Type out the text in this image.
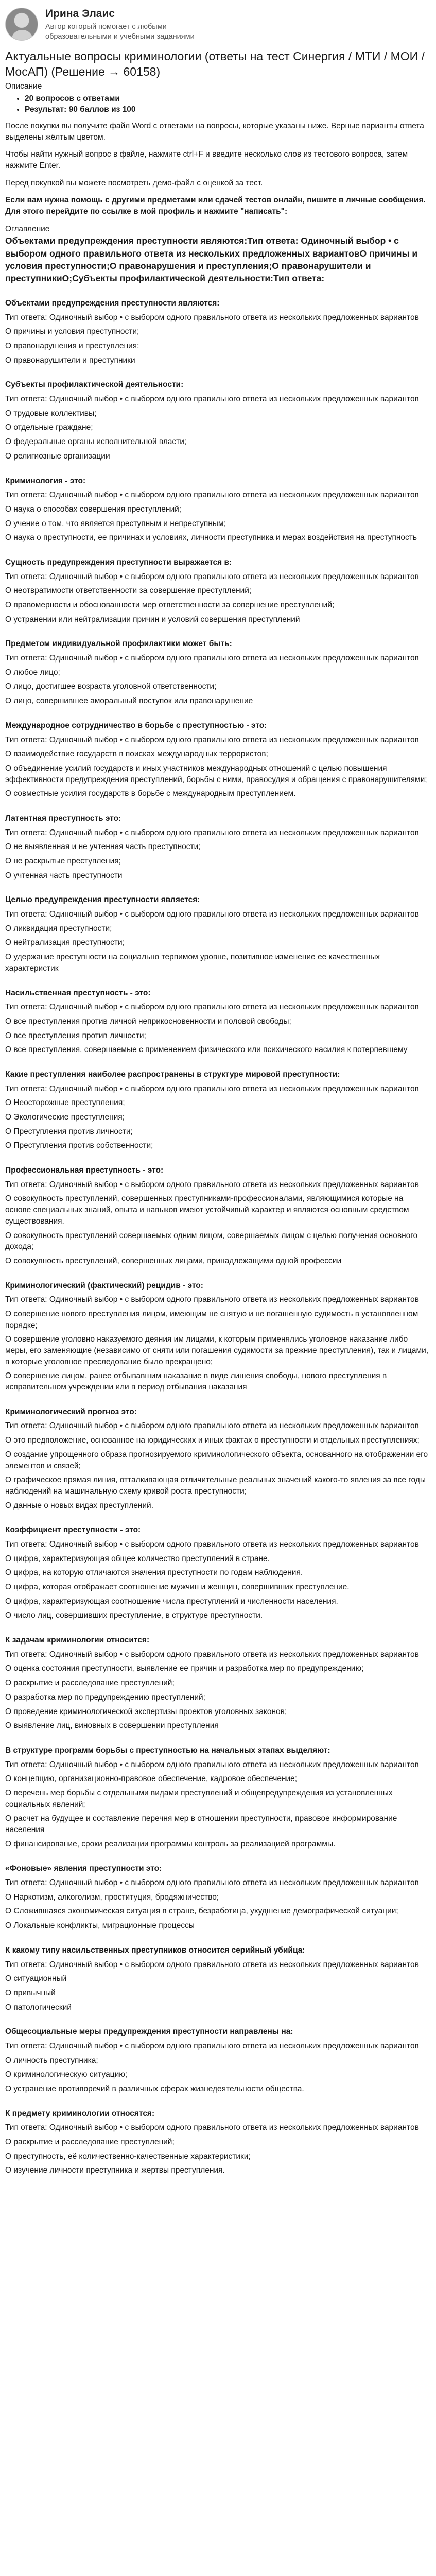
Ирина Элаис
Автор который помогает с любыми образовательными и учебными заданиями
Актуальные вопросы криминологии (ответы на тест Синергия / МТИ / МОИ / МосАП) (Решение → 60158)

Описание

• 20 вопросов с ответами
• Результат: 90 баллов из 100

После покупки вы получите файл Word с ответами на вопросы, которые указаны ниже. Верные варианты ответа выделены жёлтым цветом.

Чтобы найти нужный вопрос в файле, нажмите ctrl+F и введите несколько слов из тестового вопроса, затем нажмите Enter.

Перед покупкой вы можете посмотреть демо-файл с оценкой за тест.

Если вам нужна помощь с другими предметами или сдачей тестов онлайн, пишите в личные сообщения. Для этого перейдите по ссылке в мой профиль и нажмите "написать":

Оглавление

Объектами предупреждения преступности являются:Тип ответа: Одиночный выбор • с выбором одного правильного ответа из нескольких предложенных вариантовО причины и условия преступности;О правонарушения и преступления;О правонарушители и преступникиО;Субъекты профилактической деятельности:Тип ответа:

Объектами предупреждения преступности являются:

Тип ответа: Одиночный выбор • с выбором одного правильного ответа из нескольких предложенных вариантов

О причины и условия преступности;

О правонарушения и преступления;

О правонарушители и преступники

Субъекты профилактической деятельности:

Тип ответа: Одиночный выбор • с выбором одного правильного ответа из нескольких предложенных вариантов

О трудовые коллективы;

О отдельные граждане;

О федеральные органы исполнительной власти;

О религиозные организации

Криминология - это:

Тип ответа: Одиночный выбор • с выбором одного правильного ответа из нескольких предложенных вариантов

О наука о способах совершения преступлений;

О учение о том, что является преступным и непреступным;

О наука о преступности, ее причинах и условиях, личности преступника и мерах воздействия на преступность

Сущность предупреждения преступности выражается в:

Тип ответа: Одиночный выбор • с выбором одного правильного ответа из нескольких предложенных вариантов

О неотвратимости ответственности за совершение преступлений;

О правомерности и обоснованности мер ответственности за совершение преступлений;

О устранении или нейтрализации причин и условий совершения преступлений

Предметом индивидуальной профилактики может быть:

Тип ответа: Одиночный выбор • с выбором одного правильного ответа из нескольких предложенных вариантов

О любое лицо;

О лицо, достигшее возраста уголовной ответственности;

О лицо, совершившее аморальный поступок или правонарушение

Международное сотрудничество в борьбе с преступностью - это:

Тип ответа: Одиночный выбор • с выбором одного правильного ответа из нескольких предложенных вариантов

О взаимодействие государств в поисках международных террористов;

О объединение усилий государств и иных участников международных отношений с целью повышения эффективности предупреждения преступлений, борьбы с ними, правосудия и обращения с правонарушителями;

О совместные усилия государств в борьбе с международным преступлением.

Латентная преступность это:

Тип ответа: Одиночный выбор • с выбором одного правильного ответа из нескольких предложенных вариантов

О не выявленная и не учтенная часть преступности;

О не раскрытые преступления;

О учтенная часть преступности

Целью предупреждения преступности является:

Тип ответа: Одиночный выбор • с выбором одного правильного ответа из нескольких предложенных вариантов

О ликвидация преступности;

О нейтрализация преступности;

О удержание преступности на социально терпимом уровне, позитивное изменение ее качественных характеристик

Насильственная преступность - это:

Тип ответа: Одиночный выбор • с выбором одного правильного ответа из нескольких предложенных вариантов

О все преступления против личной неприкосновенности и половой свободы;

О все преступления против личности;

О все преступления, совершаемые с применением физического или психического насилия к потерпевшему

Какие преступления наиболее распространены в структуре мировой преступности:

Тип ответа: Одиночный выбор • с выбором одного правильного ответа из нескольких предложенных вариантов

О Неосторожные преступления;

О Экологические преступления;

О Преступления против личности;

О Преступления против собственности;

Профессиональная преступность - это:

Тип ответа: Одиночный выбор • с выбором одного правильного ответа из нескольких предложенных вариантов

О совокупность преступлений, совершенных преступниками-профессионалами, являющимися которые на основе специальных знаний, опыта и навыков имеют устойчивый характер и являются основным средством существования.

О совокупность преступлений совершаемых одним лицом, совершаемых лицом с целью получения основного дохода;

О совокупность преступлений, совершенных лицами, принадлежащими одной профессии

Криминологический (фактический) рецидив - это:

Тип ответа: Одиночный выбор • с выбором одного правильного ответа из нескольких предложенных вариантов

О совершение нового преступления лицом, имеющим не снятую и не погашенную судимость в установленном порядке;

О совершение уголовно наказуемого деяния им лицами, к которым применялись уголовное наказание либо меры, его заменяющие (независимо от сняти или погашения судимости за прежние преступления), так и лицами, в которые уголовное преследование было прекращено;

О совершение лицом, ранее отбывавшим наказание в виде лишения свободы, нового преступления в исправительном учреждении или в период отбывания наказания

Криминологический прогноз это:

Тип ответа: Одиночный выбор • с выбором одного правильного ответа из нескольких предложенных вариантов

О это предположение, основанное на юридических и иных фактах о преступности и отдельных преступлениях;

О создание упрощенного образа прогнозируемого криминологического объекта, основанного на отображении его элементов и связей;

О графическое прямая линия, отталкивающая отличительные реальных значений какого-то явления за все годы наблюдений на машинальную схему кривой роста преступности;

О данные о новых видах преступлений.

Коэффициент преступности - это:

Тип ответа: Одиночный выбор • с выбором одного правильного ответа из нескольких предложенных вариантов

О цифра, характеризующая общее количество преступлений в стране.

О цифра, на которую отличаются значения преступности по годам наблюдения.

О цифра, которая отображает соотношение мужчин и женщин, совершивших преступление.

О цифра, характеризующая соотношение числа преступлений и численности населения.

О число лиц, совершивших преступление, в структуре преступности.

К задачам криминологии относится:

Тип ответа: Одиночный выбор • с выбором одного правильного ответа из нескольких предложенных вариантов

О оценка состояния преступности, выявление ее причин и разработка мер по предупреждению;

О раскрытие и расследование преступлений;

О разработка мер по предупреждению преступлений;

О проведение криминологической экспертизы проектов уголовных законов;

О выявление лиц, виновных в совершении преступления

В структуре программ борьбы с преступностью на начальных этапах выделяют:

Тип ответа: Одиночный выбор • с выбором одного правильного ответа из нескольких предложенных вариантов

О концепцию, организационно-правовое обеспечение, кадровое обеспечение;

О перечень мер борьбы с отдельными видами преступлений и общепредупреждения из установленных социальных явлений;

О расчет на будущее и составление перечня мер в отношении преступности, правовое информирование населения

О финансирование, сроки реализации программы контроль за реализацией программы.

«Фоновые» явления преступности это:

Тип ответа: Одиночный выбор • с выбором одного правильного ответа из нескольких предложенных вариантов

О Наркотизм, алкоголизм, проституция, бродяжничество;

О Сложившаяся экономическая ситуация в стране, безработица, ухудшение демографической ситуации;

О Локальные конфликты, миграционные процессы

К какому типу насильственных преступников относится серийный убийца:

Тип ответа: Одиночный выбор • с выбором одного правильного ответа из нескольких предложенных вариантов

О ситуационный

О привычный

О патологический

Общесоциальные меры предупреждения преступности направлены на:

Тип ответа: Одиночный выбор • с выбором одного правильного ответа из нескольких предложенных вариантов

О личность преступника;

О криминологическую ситуацию;

О устранение противоречий в различных сферах жизнедеятельности общества.

К предмету криминологии относятся:

Тип ответа: Одиночный выбор • с выбором одного правильного ответа из нескольких предложенных вариантов

О раскрытие и расследование преступлений;

О преступность, её количественно-качественные характеристики;

О изучение личности преступника и жертвы преступления.
